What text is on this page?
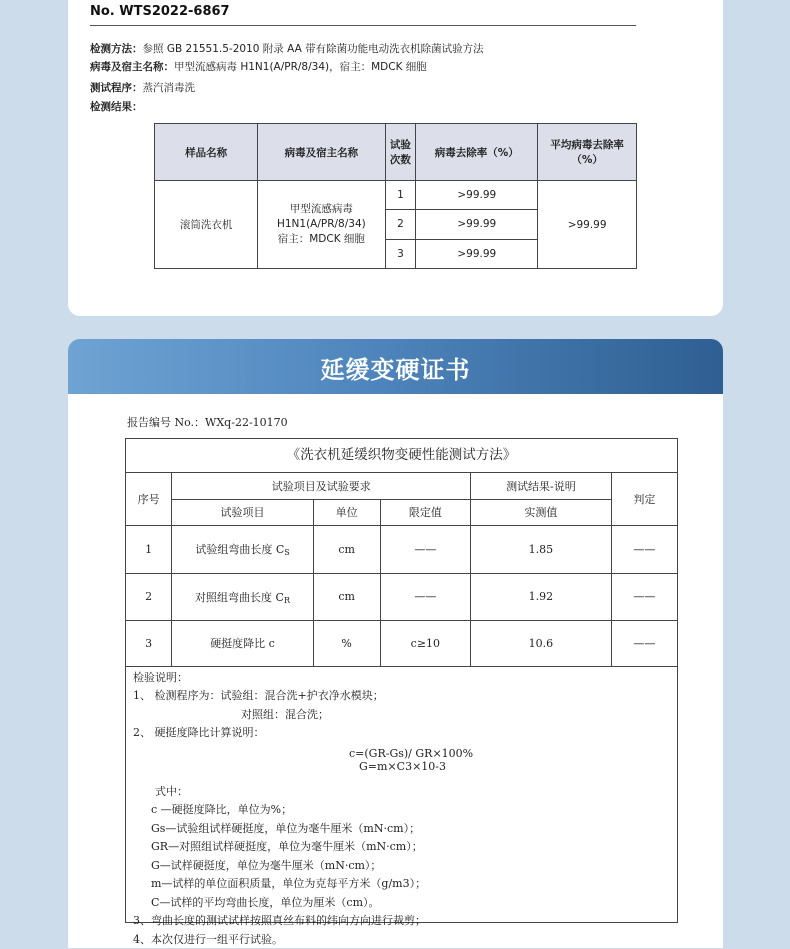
No. WTS2022-6867
检测方法：参照 GB 21551.5-2010 附录 AA 带有除菌功能电动洗衣机除菌试验方法
病毒及宿主名称：甲型流感病毒 H1N1(A/PR/8/34)，宿主：MDCK 细胞
测试程序：蒸汽消毒洗
检测结果：
样品名称	病毒及宿主名称	试验次数	病毒去除率（%）	平均病毒去除率（%）
滚筒洗衣机	甲型流感病毒
H1N1(A/PR/8/34)
宿主：MDCK 细胞	1	>99.99	>99.99
		2	>99.99	
		3	>99.99	
延缓变硬证书
报告编号 No.：WXq-22-10170
《洗衣机延缓织物变硬性能测试方法》
序号	试验项目及试验要求			测试结果-说明	判定
	试验项目	单位	限定值	实测值	
1	试验组弯曲长度 $C_S$	cm	——	1.85	——
2	对照组弯曲长度 $C_R$	cm	——	1.92	——
3	硬挺度降比 c	%	c≥10	10.6	——
检验说明：
1、 检测程序为：试验组：混合洗+护衣净水模块；
对照组：混合洗；
2、 硬挺度降比计算说明：
c=(GR-Gs)/ GR×100%
G=m×C3×10-3
式中：
c —硬挺度降比，单位为%；
Gs—试验组试样硬挺度，单位为毫牛厘米（mN·cm）；
GR—对照组试样硬挺度，单位为毫牛厘米（mN·cm）；
G—试样硬挺度，单位为毫牛厘米（mN·cm）；
m—试样的单位面积质量，单位为克每平方米（g/m3）；
C—试样的平均弯曲长度，单位为厘米（cm）。
3、弯曲长度的测试试样按照真丝布料的纬向方向进行裁剪；
4、本次仅进行一组平行试验。
